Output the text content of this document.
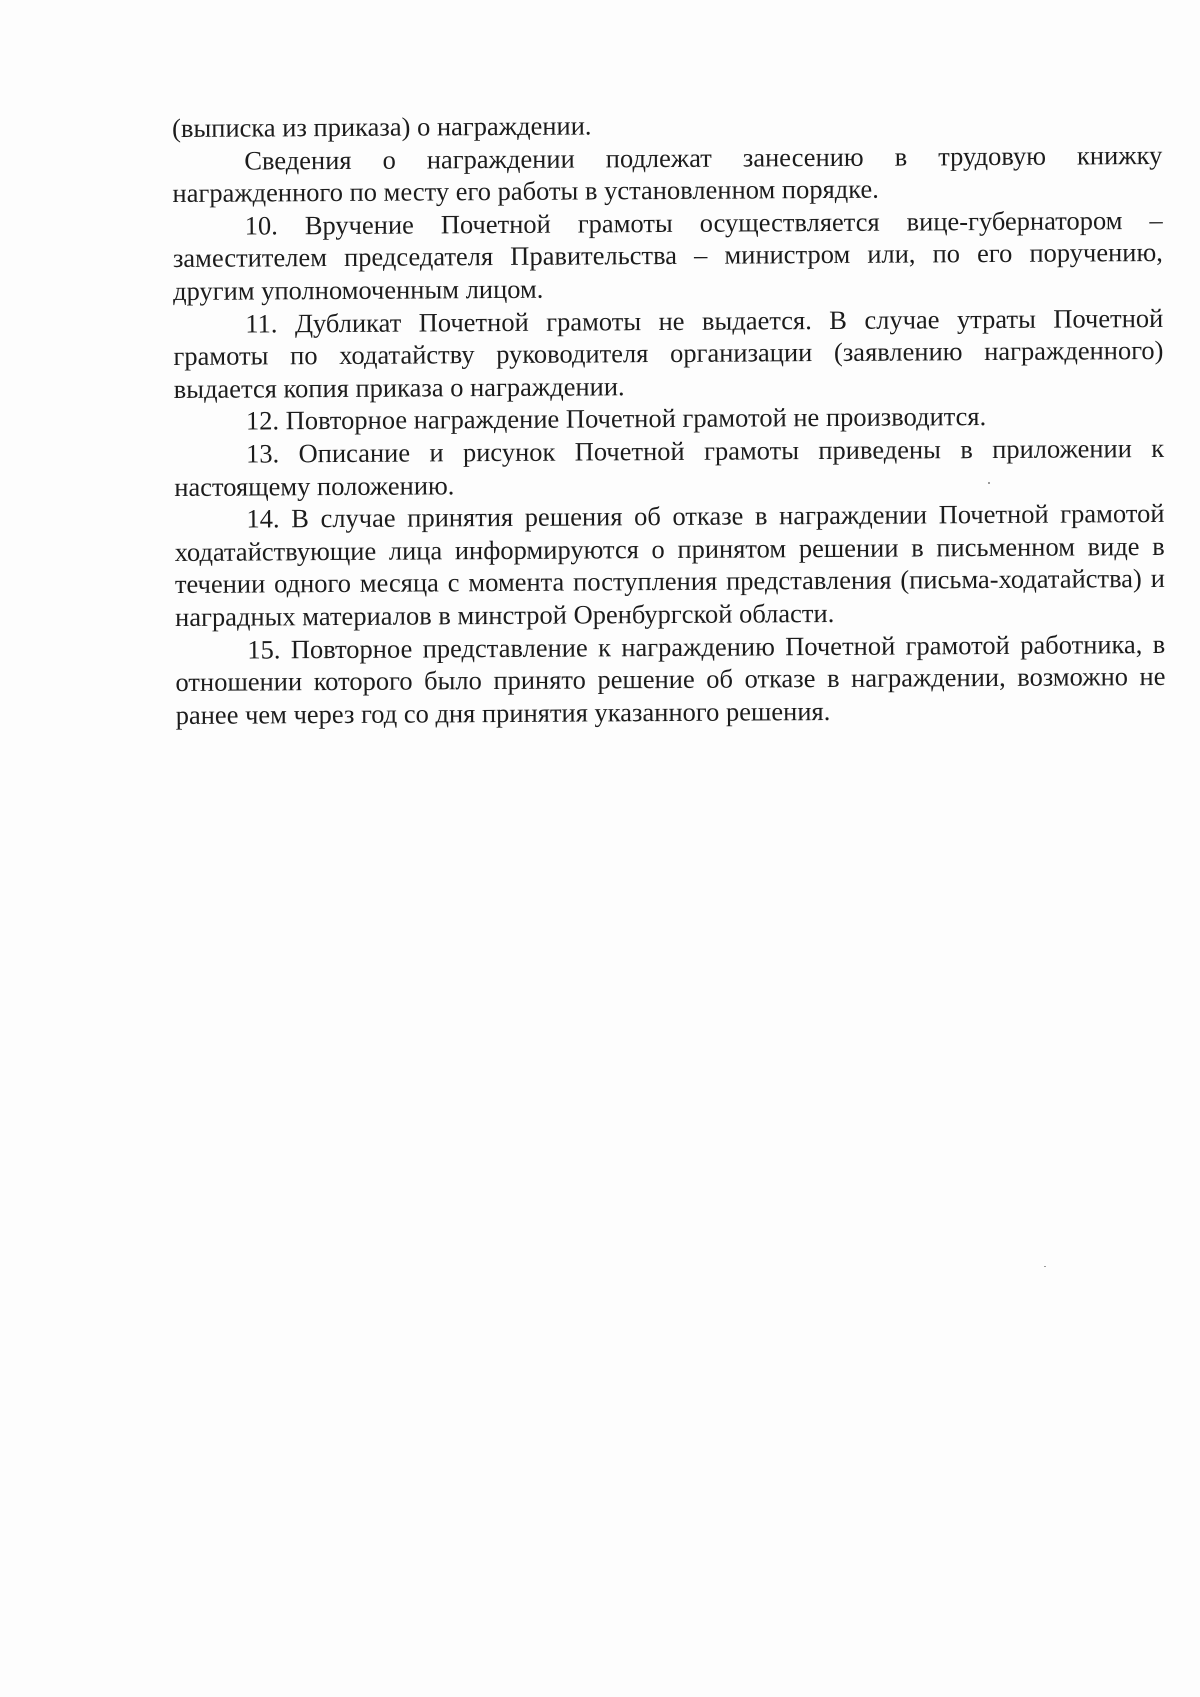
(выписка из приказа) о награждении.

Сведения о награждении подлежат занесению в трудовую книжку награжденного по месту его работы в установленном порядке.

10. Вручение Почетной грамоты осуществляется вице-губернатором – заместителем председателя Правительства – министром или, по его поручению, другим уполномоченным лицом.

11. Дубликат Почетной грамоты не выдается. В случае утраты Почетной грамоты по ходатайству руководителя организации (заявлению награжденного) выдается копия приказа о награждении.

12. Повторное награждение Почетной грамотой не производится.

13. Описание и рисунок Почетной грамоты приведены в приложении к настоящему положению.

14. В случае принятия решения об отказе в награждении Почетной грамотой ходатайствующие лица информируются о принятом решении в письменном виде в течении одного месяца с момента поступления представления (письма-ходатайства) и наградных материалов в минстрой Оренбургской области.

15. Повторное представление к награждению Почетной грамотой работника, в отношении которого было принято решение об отказе в награждении, возможно не ранее чем через год со дня принятия указанного решения.
